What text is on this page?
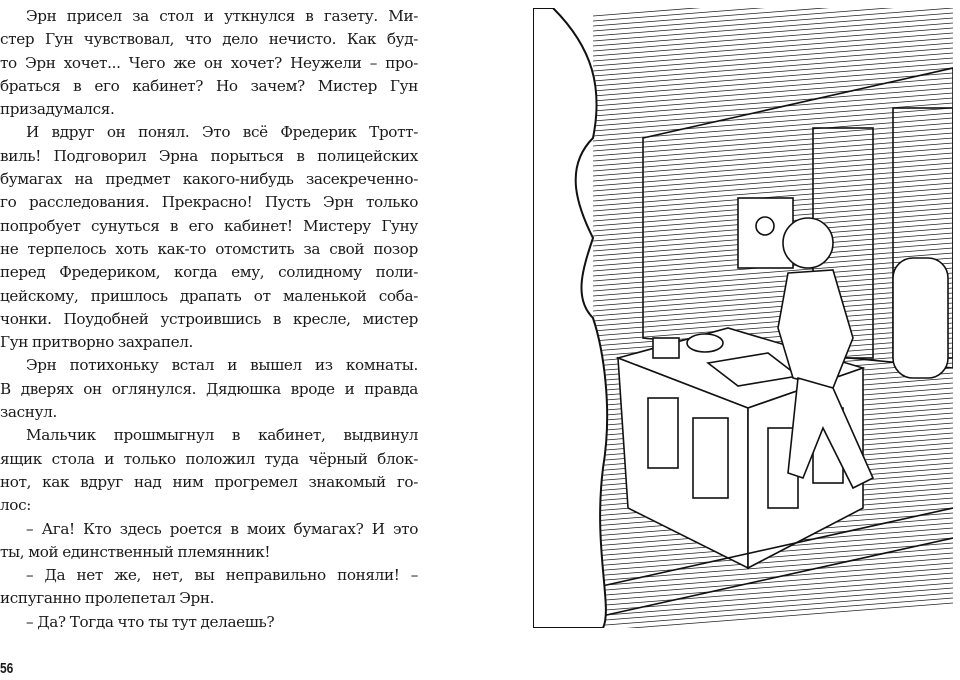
Эрн присел за стол и уткнулся в газету. Ми-
стер Гун чувствовал, что дело нечисто. Как буд-
то Эрн хочет... Чего же он хочет? Неужели – про-
браться в его кабинет? Но зачем? Мистер Гун
призадумался.
И вдруг он понял. Это всё Фредерик Тротт-
виль! Подговорил Эрна порыться в полицейских
бумагах на предмет какого-нибудь засекреченно-
го расследования. Прекрасно! Пусть Эрн только
попробует сунуться в его кабинет! Мистеру Гуну
не терпелось хоть как-то отомстить за свой позор
перед Фредериком, когда ему, солидному поли-
цейскому, пришлось драпать от маленькой соба-
чонки. Поудобней устроившись в кресле, мистер
Гун притворно захрапел.
Эрн потихоньку встал и вышел из комнаты.
В дверях он оглянулся. Дядюшка вроде и правда
заснул.
Мальчик прошмыгнул в кабинет, выдвинул
ящик стола и только положил туда чёрный блок-
нот, как вдруг над ним прогремел знакомый го-
лос:
– Ага! Кто здесь роется в моих бумагах? И это
ты, мой единственный племянник!
– Да нет же, нет, вы неправильно поняли! –
испуганно пролепетал Эрн.
– Да? Тогда что ты тут делаешь?
56
